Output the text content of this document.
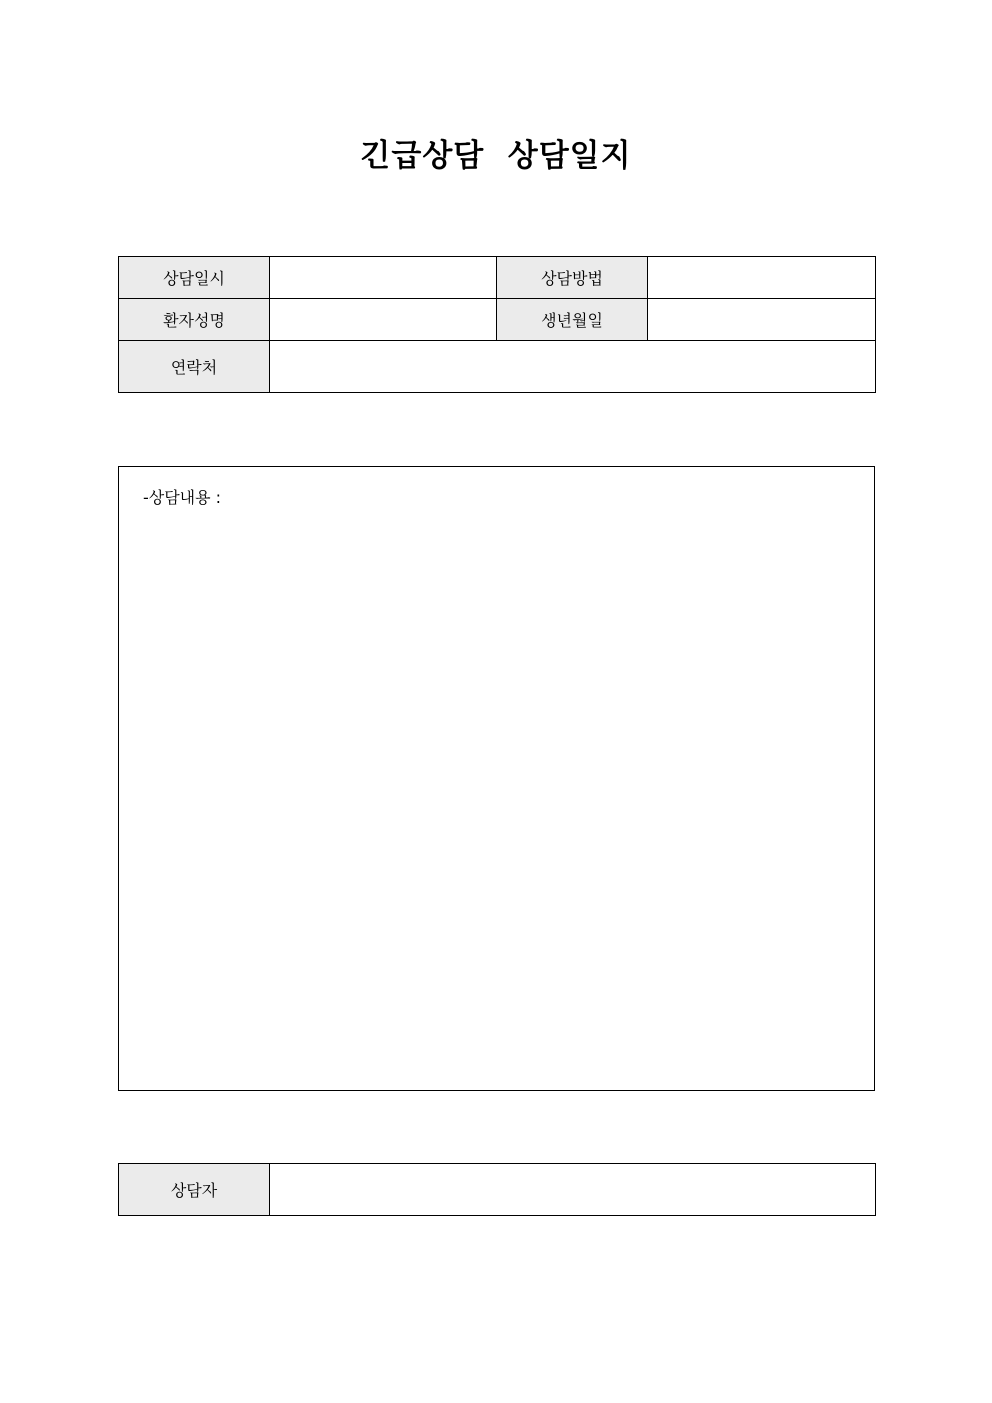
긴급상담  상담일지
상담일시		상담방법	
환자성명		생년월일	
연락처			
-상담내용 :
상담자	
